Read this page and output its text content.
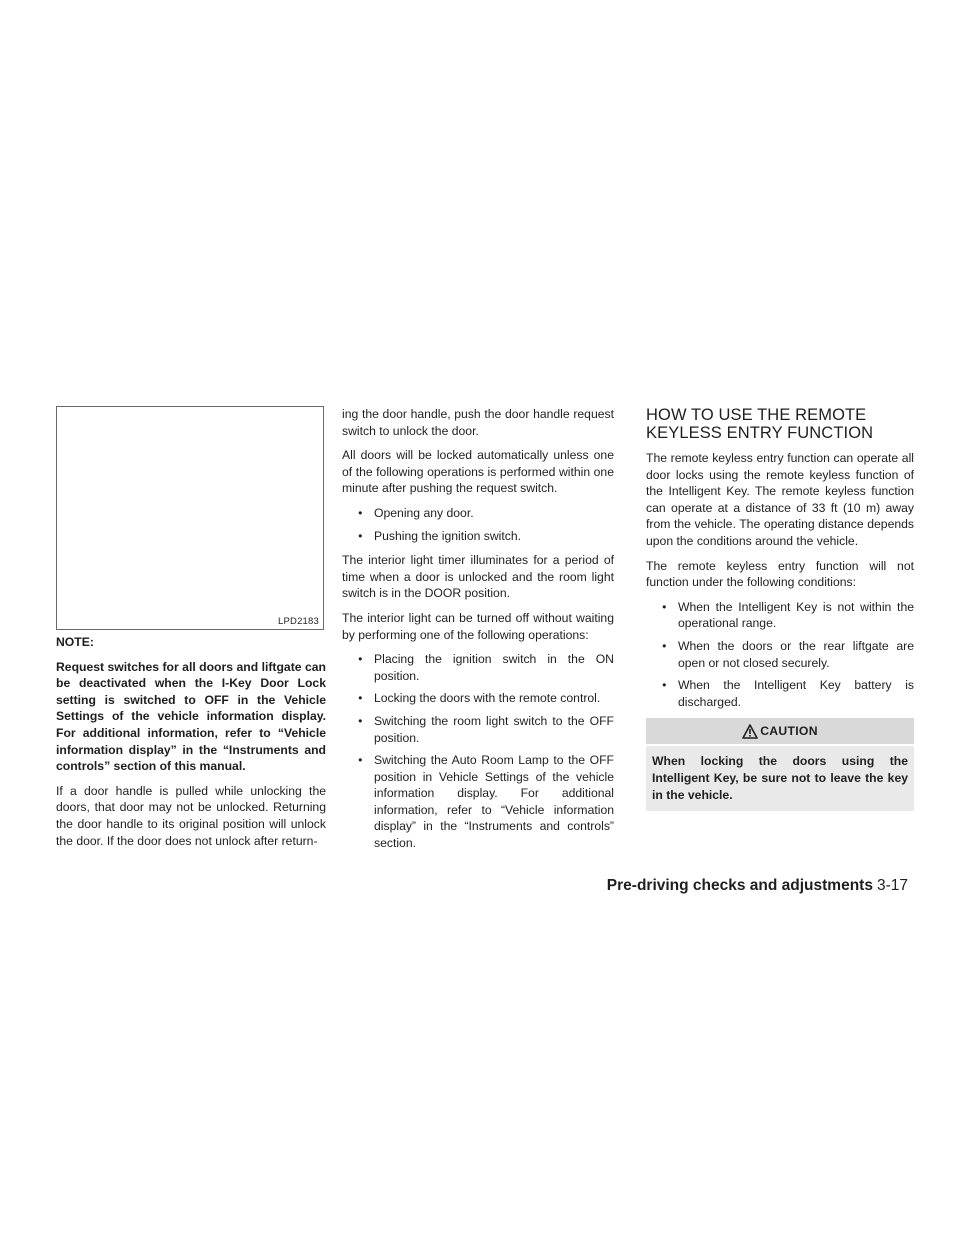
LPD2183

NOTE:

Request switches for all doors and liftgate can be deactivated when the I-Key Door Lock setting is switched to OFF in the Vehicle Settings of the vehicle information display. For additional information, refer to “Vehicle information display” in the “Instruments and controls” section of this manual.

If a door handle is pulled while unlocking the doors, that door may not be unlocked. Returning the door handle to its original position will unlock the door. If the door does not unlock after return-

ing the door handle, push the door handle request switch to unlock the door.

All doors will be locked automatically unless one of the following operations is performed within one minute after pushing the request switch.

● Opening any door.
● Pushing the ignition switch.

The interior light timer illuminates for a period of time when a door is unlocked and the room light switch is in the DOOR position.

The interior light can be turned off without waiting by performing one of the following operations:

● Placing the ignition switch in the ON position.
● Locking the doors with the remote control.
● Switching the room light switch to the OFF position.
● Switching the Auto Room Lamp to the OFF position in Vehicle Settings of the vehicle information display. For additional information, refer to “Vehicle information display” in the “Instruments and controls” section.
HOW TO USE THE REMOTE
KEYLESS ENTRY FUNCTION

The remote keyless entry function can operate all door locks using the remote keyless function of the Intelligent Key. The remote keyless function can operate at a distance of 33 ft (10 m) away from the vehicle. The operating distance depends upon the conditions around the vehicle.

The remote keyless entry function will not function under the following conditions:

● When the Intelligent Key is not within the operational range.
● When the doors or the rear liftgate are open or not closed securely.
● When the Intelligent Key battery is discharged.
CAUTION
When locking the doors using the Intelligent Key, be sure not to leave the key in the vehicle.
Pre-driving checks and adjustments 3-17
